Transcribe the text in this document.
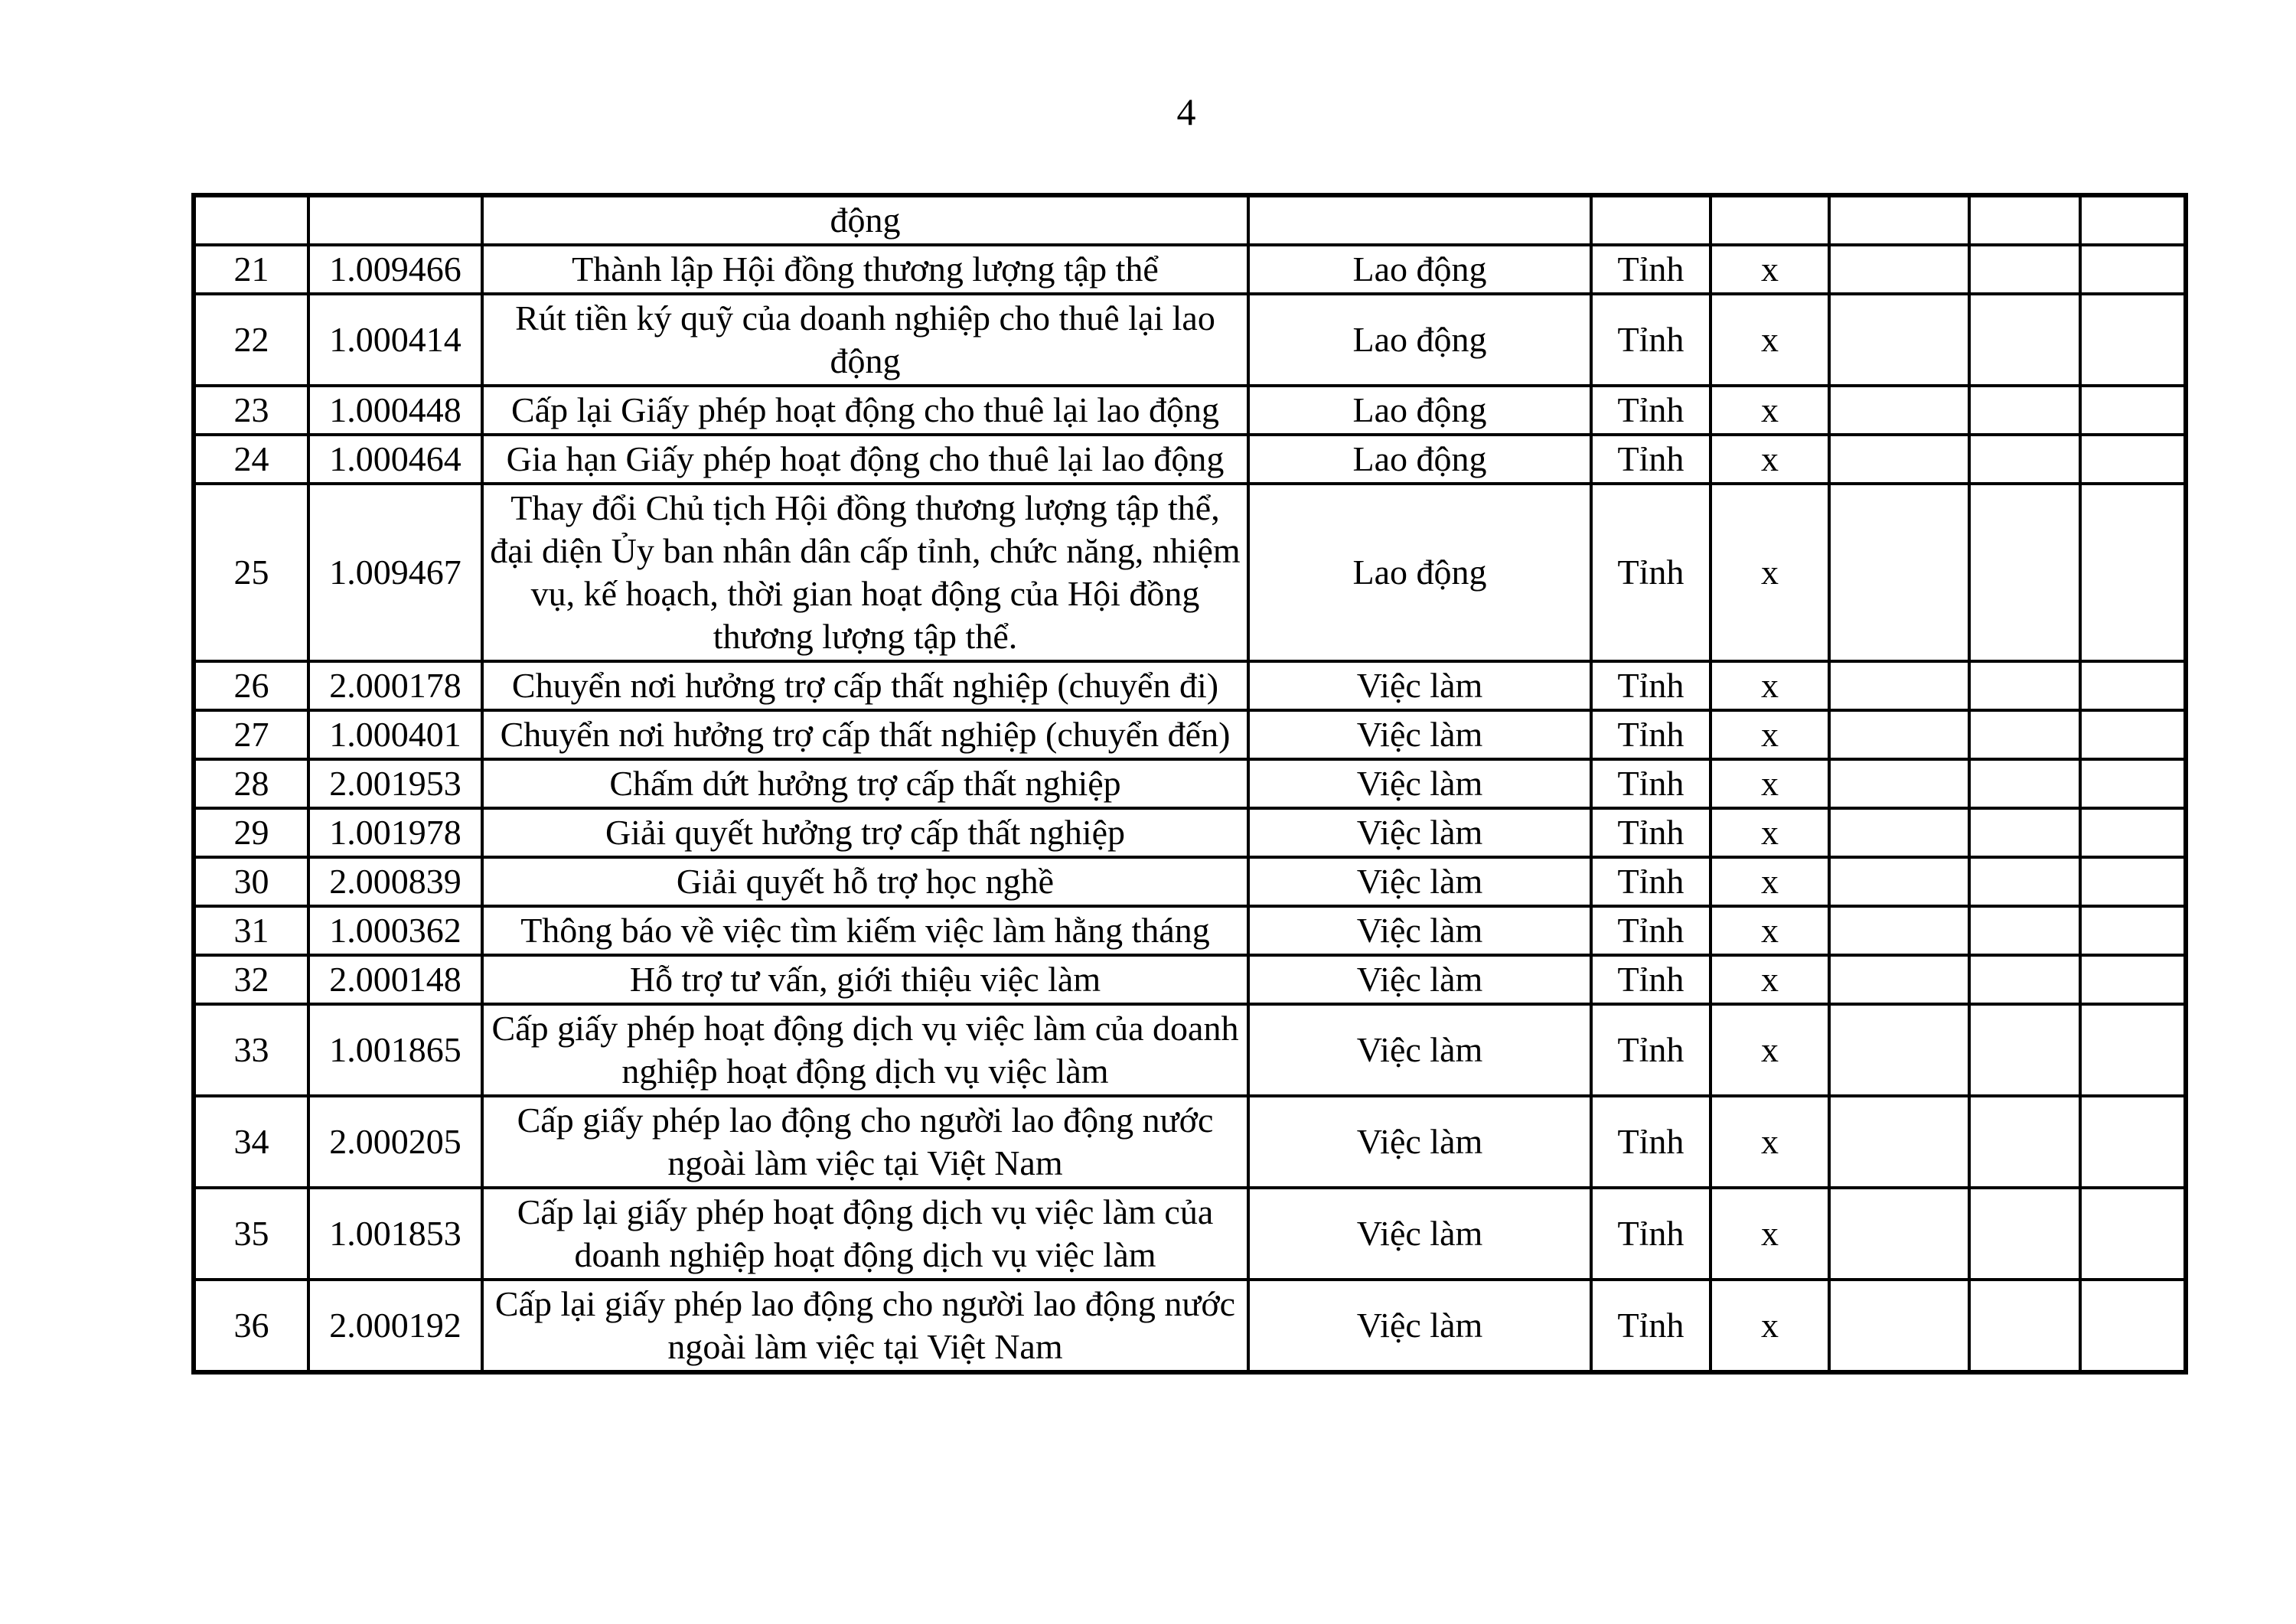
4
		động						
21	1.009466	Thành lập Hội đồng thương lượng tập thể	Lao động	Tỉnh	x			
22	1.000414	Rút tiền ký quỹ của doanh nghiệp cho thuê lại lao động	Lao động	Tỉnh	x			
23	1.000448	Cấp lại Giấy phép hoạt động cho thuê lại lao động	Lao động	Tỉnh	x			
24	1.000464	Gia hạn Giấy phép hoạt động cho thuê lại lao động	Lao động	Tỉnh	x			
25	1.009467	Thay đổi Chủ tịch Hội đồng thương lượng tập thể, đại diện Ủy ban nhân dân cấp tỉnh, chức năng, nhiệm vụ, kế hoạch, thời gian hoạt động của Hội đồng thương lượng tập thể.	Lao động	Tỉnh	x			
26	2.000178	Chuyển nơi hưởng trợ cấp thất nghiệp (chuyển đi)	Việc làm	Tỉnh	x			
27	1.000401	Chuyển nơi hưởng trợ cấp thất nghiệp (chuyển đến)	Việc làm	Tỉnh	x			
28	2.001953	Chấm dứt hưởng trợ cấp thất nghiệp	Việc làm	Tỉnh	x			
29	1.001978	Giải quyết hưởng trợ cấp thất nghiệp	Việc làm	Tỉnh	x			
30	2.000839	Giải quyết hỗ trợ học nghề	Việc làm	Tỉnh	x			
31	1.000362	Thông báo về việc tìm kiếm việc làm hằng tháng	Việc làm	Tỉnh	x			
32	2.000148	Hỗ trợ tư vấn, giới thiệu việc làm	Việc làm	Tỉnh	x			
33	1.001865	Cấp giấy phép hoạt động dịch vụ việc làm của doanh nghiệp hoạt động dịch vụ việc làm	Việc làm	Tỉnh	x			
34	2.000205	Cấp giấy phép lao động cho người lao động nước ngoài làm việc tại Việt Nam	Việc làm	Tỉnh	x			
35	1.001853	Cấp lại giấy phép hoạt động dịch vụ việc làm của doanh nghiệp hoạt động dịch vụ việc làm	Việc làm	Tỉnh	x			
36	2.000192	Cấp lại giấy phép lao động cho người lao động nước ngoài làm việc tại Việt Nam	Việc làm	Tỉnh	x			
